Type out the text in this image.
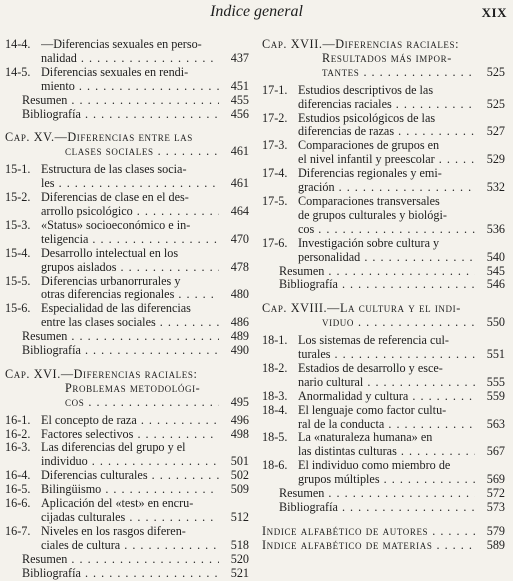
Indice general	XIX
14-4. —Diferencias sexuales en perso-
nalidad . . .	437
14-5. Diferencias sexuales en rendi-
miento . . .	451
Resumen . . .	455
Bibliografía . . .	456
Cap. XV.—Diferencias entre las
clases sociales . . .	461
15-1. Estructura de las clases socia-
les . . .	461
15-2. Diferencias de clase en el des-
arrollo psicológico . . .	464
15-3. «Status» socioeconómico e in-
teligencia . . .	470
15-4. Desarrollo intelectual en los
grupos aislados . . .	478
15-5. Diferencias urbanorrurales y
otras diferencias regionales . . .	480
15-6. Especialidad de las diferencias
entre las clases sociales . . .	486
Resumen . . .	489
Bibliografía . . .	490
Cap. XVI.—Diferencias raciales:
Problemas metodológi-
cos . . .	495
16-1. El concepto de raza . . .	496
16-2. Factores selectivos . . .	498
16-3. Las diferencias del grupo y el
individuo . . .	501
16-4. Diferencias culturales . . .	502
16-5. Bilingüismo . . .	509
16-6. Aplicación del «test» en encru-
cijadas culturales . . .	512
16-7. Niveles en los rasgos diferen-
ciales de cultura . . .	518
Resumen . . .	520
Bibliografía . . .	521
Cap. XVII.—Diferencias raciales:
Resultados más impor-
tantes . . .	525
17-1. Estudios descriptivos de las
diferencias raciales . . .	525
17-2. Estudios psicológicos de las
diferencias de razas . . .	527
17-3. Comparaciones de grupos en
el nivel infantil y preescolar . . .	529
17-4. Diferencias regionales y emi-
gración . . .	532
17-5. Comparaciones transversales
de grupos culturales y biológi-
cos . . .	536
17-6. Investigación sobre cultura y
personalidad . . .	540
Resumen . . .	545
Bibliografía . . .	546
Cap. XVIII.—La cultura y el indi-
viduo . . .	550
18-1. Los sistemas de referencia cul-
turales . . .	551
18-2. Estadios de desarrollo y esce-
nario cultural . . .	555
18-3. Anormalidad y cultura . . .	559
18-4. El lenguaje como factor cultu-
ral de la conducta . . .	563
18-5. La «naturaleza humana» en
las distintas culturas . . .	567
18-6. El individuo como miembro de
grupos múltiples . . .	569
Resumen . . .	572
Bibliografía . . .	573
Indice alfabético de autores . . .	579
Indice alfabético de materias . . .	589
